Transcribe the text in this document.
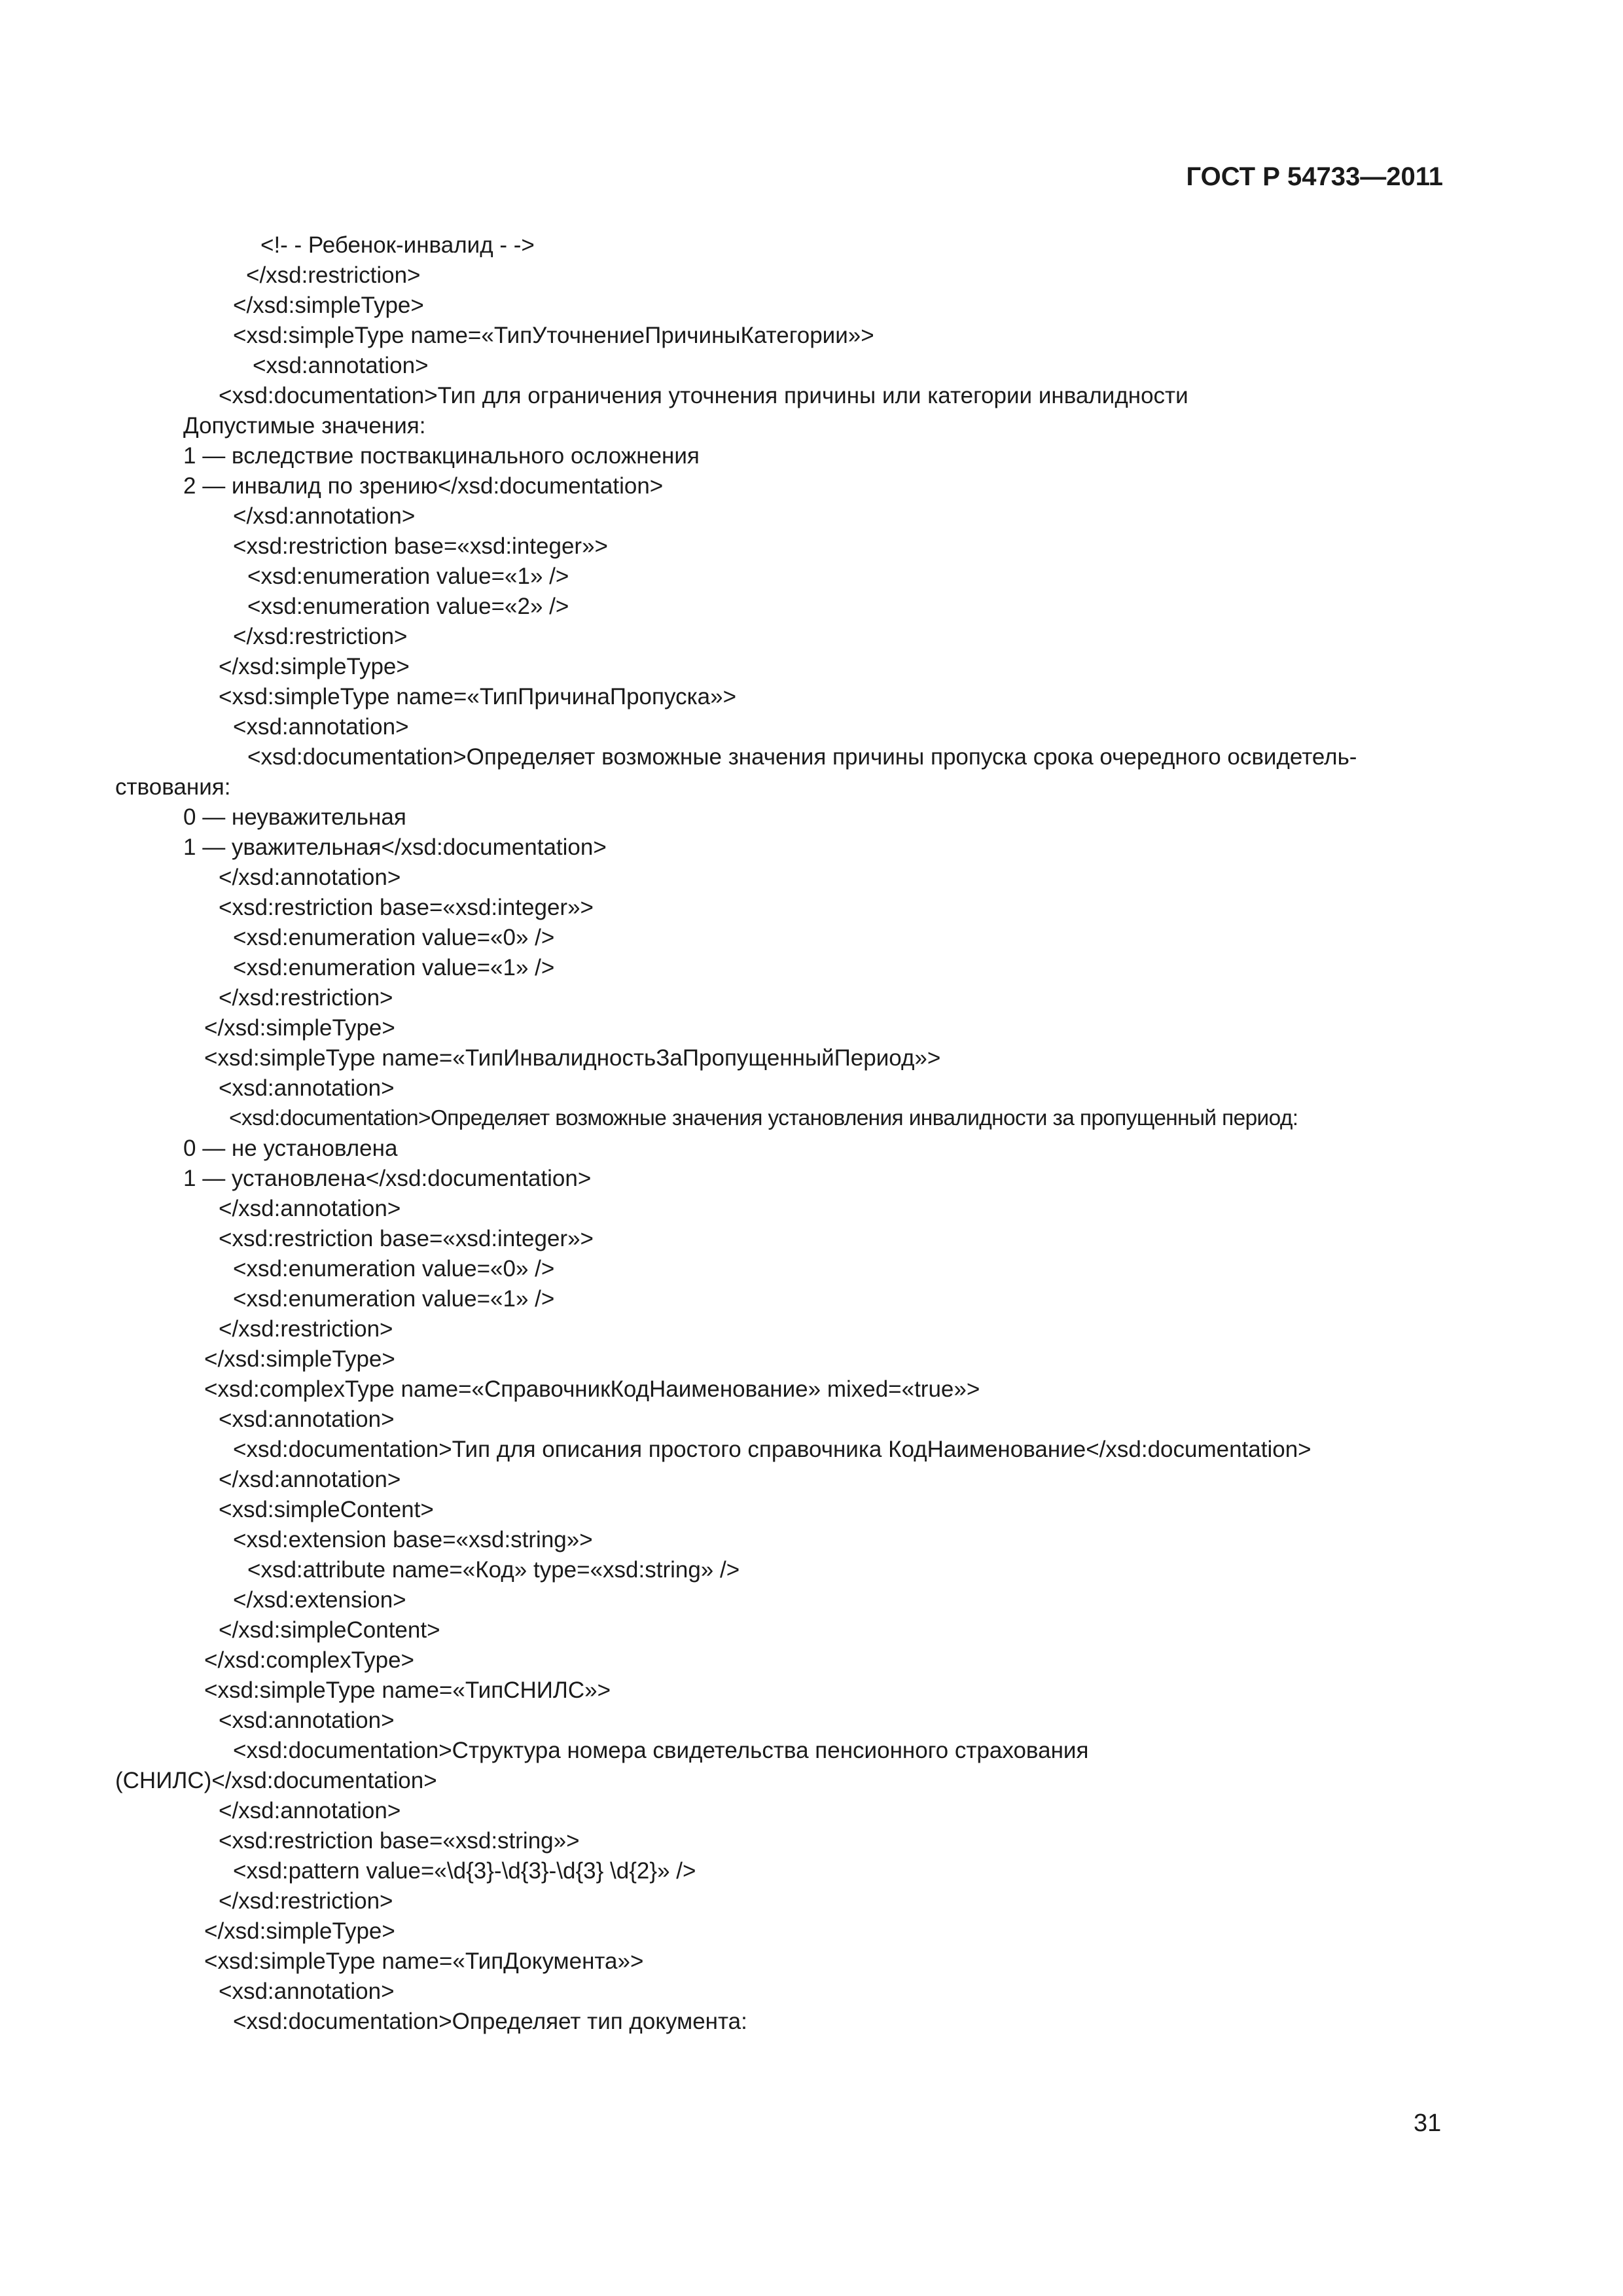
ГОСТ Р 54733—2011
<!- - Ребенок-инвалид - ->
</xsd:restriction>
</xsd:simpleType>
<xsd:simpleType name=«ТипУточнениеПричиныКатегории»>
<xsd:annotation>
<xsd:documentation>Тип для ограничения уточнения причины или категории инвалидности
Допустимые значения:
1 — вследствие поствакцинального осложнения
2 — инвалид по зрению</xsd:documentation>
</xsd:annotation>
<xsd:restriction base=«xsd:integer»>
<xsd:enumeration value=«1» />
<xsd:enumeration value=«2» />
</xsd:restriction>
</xsd:simpleType>
<xsd:simpleType name=«ТипПричинаПропуска»>
<xsd:annotation>
<xsd:documentation>Определяет возможные значения причины пропуска срока очередного освидетель-
ствования:
0 — неуважительная
1 — уважительная</xsd:documentation>
</xsd:annotation>
<xsd:restriction base=«xsd:integer»>
<xsd:enumeration value=«0» />
<xsd:enumeration value=«1» />
</xsd:restriction>
</xsd:simpleType>
<xsd:simpleType name=«ТипИнвалидностьЗаПропущенныйПериод»>
<xsd:annotation>
<xsd:documentation>Определяет возможные значения установления инвалидности за пропущенный период:
0 — не установлена
1 — установлена</xsd:documentation>
</xsd:annotation>
<xsd:restriction base=«xsd:integer»>
<xsd:enumeration value=«0» />
<xsd:enumeration value=«1» />
</xsd:restriction>
</xsd:simpleType>
<xsd:complexType name=«СправочникКодНаименование» mixed=«true»>
<xsd:annotation>
<xsd:documentation>Тип для описания простого справочника КодНаименование</xsd:documentation>
</xsd:annotation>
<xsd:simpleContent>
<xsd:extension base=«xsd:string»>
<xsd:attribute name=«Код» type=«xsd:string» />
</xsd:extension>
</xsd:simpleContent>
</xsd:complexType>
<xsd:simpleType name=«ТипСНИЛС»>
<xsd:annotation>
<xsd:documentation>Структура номера свидетельства пенсионного страхования
(СНИЛС)</xsd:documentation>
</xsd:annotation>
<xsd:restriction base=«xsd:string»>
<xsd:pattern value=«\d{3}-\d{3}-\d{3} \d{2}» />
</xsd:restriction>
</xsd:simpleType>
<xsd:simpleType name=«ТипДокумента»>
<xsd:annotation>
<xsd:documentation>Определяет тип документа:
31
